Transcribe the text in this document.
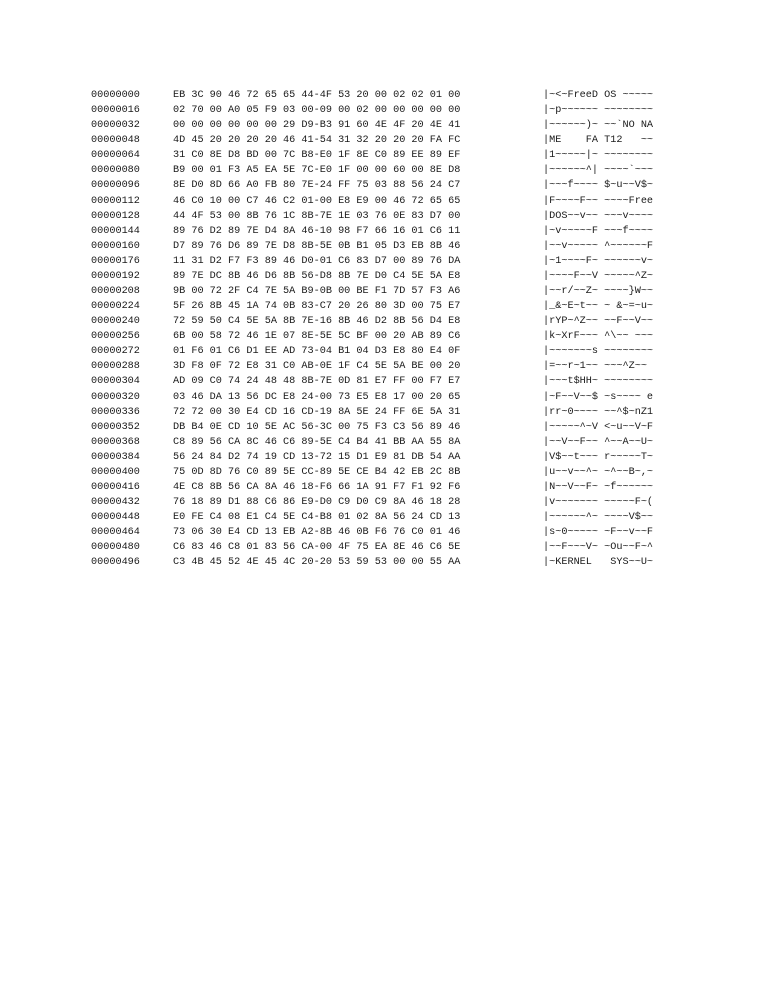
00000000	EB 3C 90 46 72 65 65 44-4F 53 20 00 02 02 01 00	|~<~FreeD OS ~~~~~
00000016	02 70 00 A0 05 F9 03 00-09 00 02 00 00 00 00 00	|~p~~~~~~ ~~~~~~~~
00000032	00 00 00 00 00 00 29 D9-B3 91 60 4E 4F 20 4E 41	|~~~~~~)~ ~~`NO NA
00000048	4D 45 20 20 20 20 46 41-54 31 32 20 20 20 FA FC	|ME    FA T12   ~~
00000064	31 C0 8E D8 BD 00 7C B8-E0 1F 8E C0 89 EE 89 EF	|1~~~~~|~ ~~~~~~~~
00000080	B9 00 01 F3 A5 EA 5E 7C-E0 1F 00 00 60 00 8E D8	|~~~~~~^| ~~~~`~~~
00000096	8E D0 8D 66 A0 FB 80 7E-24 FF 75 03 88 56 24 C7	|~~~f~~~~ $~u~~V$~
00000112	46 C0 10 00 C7 46 C2 01-00 E8 E9 00 46 72 65 65	|F~~~~F~~ ~~~~Free
00000128	44 4F 53 00 8B 76 1C 8B-7E 1E 03 76 0E 83 D7 00	|DOS~~v~~ ~~~v~~~~
00000144	89 76 D2 89 7E D4 8A 46-10 98 F7 66 16 01 C6 11	|~v~~~~~F ~~~f~~~~
00000160	D7 89 76 D6 89 7E D8 8B-5E 0B B1 05 D3 EB 8B 46	|~~v~~~~~ ^~~~~~~F
00000176	11 31 D2 F7 F3 89 46 D0-01 C6 83 D7 00 89 76 DA	|~1~~~~F~ ~~~~~~v~
00000192	89 7E DC 8B 46 D6 8B 56-D8 8B 7E D0 C4 5E 5A E8	|~~~~F~~V ~~~~~^Z~
00000208	9B 00 72 2F C4 7E 5A B9-0B 00 BE F1 7D 57 F3 A6	|~~r/~~Z~ ~~~~}W~~
00000224	5F 26 8B 45 1A 74 0B 83-C7 20 26 80 3D 00 75 E7	|_&~E~t~~ ~ &~=~u~
00000240	72 59 50 C4 5E 5A 8B 7E-16 8B 46 D2 8B 56 D4 E8	|rYP~^Z~~ ~~F~~V~~
00000256	6B 00 58 72 46 1E 07 8E-5E 5C BF 00 20 AB 89 C6	|k~XrF~~~ ^\~~ ~~~
00000272	01 F6 01 C6 D1 EE AD 73-04 B1 04 D3 E8 80 E4 0F	|~~~~~~~s ~~~~~~~~
00000288	3D F8 0F 72 E8 31 C0 AB-0E 1F C4 5E 5A BE 00 20	|=~~r~1~~ ~~~^Z~~
00000304	AD 09 C0 74 24 48 48 8B-7E 0D 81 E7 FF 00 F7 E7	|~~~t$HH~ ~~~~~~~~
00000320	03 46 DA 13 56 DC E8 24-00 73 E5 E8 17 00 20 65	|~F~~V~~$ ~s~~~~ e
00000336	72 72 00 30 E4 CD 16 CD-19 8A 5E 24 FF 6E 5A 31	|rr~0~~~~ ~~^$~nZ1
00000352	DB B4 0E CD 10 5E AC 56-3C 00 75 F3 C3 56 89 46	|~~~~~^~V <~u~~V~F
00000368	C8 89 56 CA 8C 46 C6 89-5E C4 B4 41 BB AA 55 8A	|~~V~~F~~ ^~~A~~U~
00000384	56 24 84 D2 74 19 CD 13-72 15 D1 E9 81 DB 54 AA	|V$~~t~~~ r~~~~~T~
00000400	75 0D 8D 76 C0 89 5E CC-89 5E CE B4 42 EB 2C 8B	|u~~v~~^~ ~^~~B~,~
00000416	4E C8 8B 56 CA 8A 46 18-F6 66 1A 91 F7 F1 92 F6	|N~~V~~F~ ~f~~~~~~
00000432	76 18 89 D1 88 C6 86 E9-D0 C9 D0 C9 8A 46 18 28	|v~~~~~~~ ~~~~~F~(
00000448	E0 FE C4 08 E1 C4 5E C4-B8 01 02 8A 56 24 CD 13	|~~~~~~^~ ~~~~V$~~
00000464	73 06 30 E4 CD 13 EB A2-8B 46 0B F6 76 C0 01 46	|s~0~~~~~ ~F~~v~~F
00000480	C6 83 46 C8 01 83 56 CA-00 4F 75 EA 8E 46 C6 5E	|~~F~~~V~ ~Ou~~F~^
00000496	C3 4B 45 52 4E 45 4C 20-20 53 59 53 00 00 55 AA	|~KERNEL   SYS~~U~
